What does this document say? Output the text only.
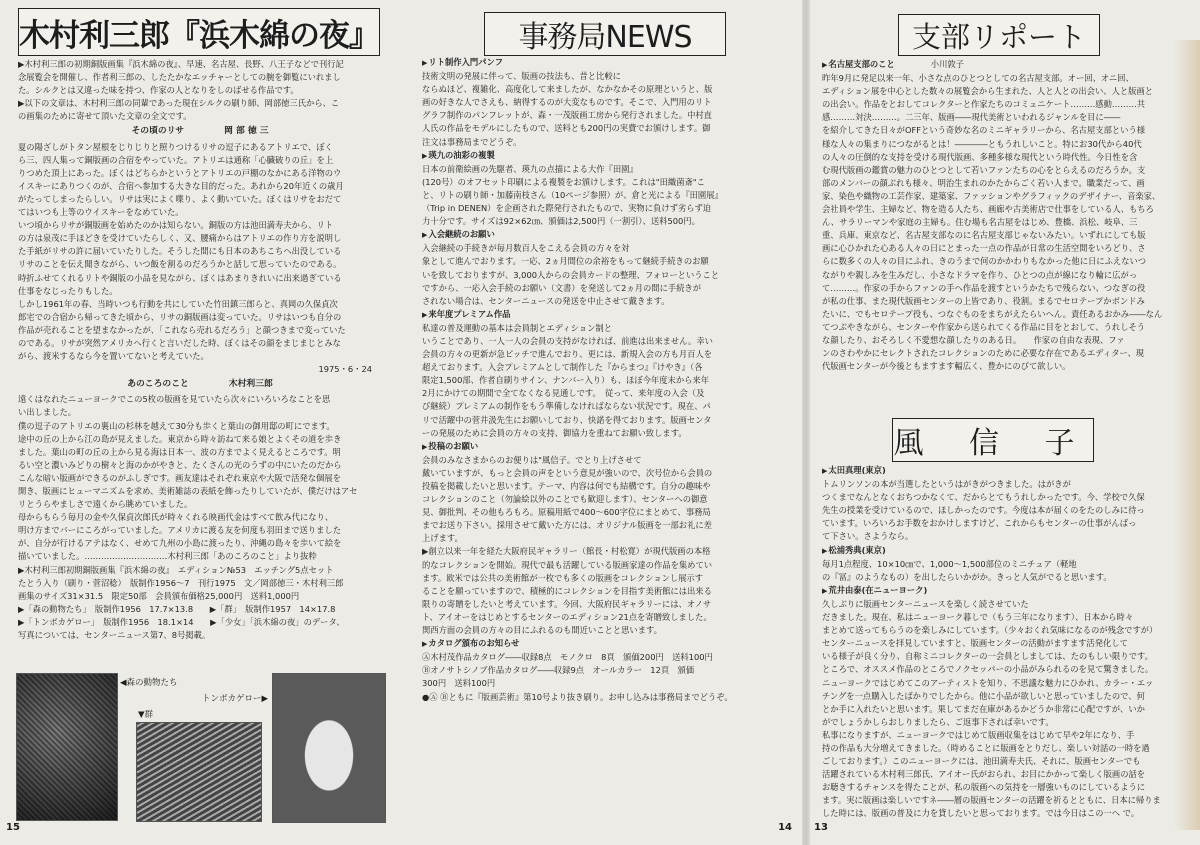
木村利三郎『浜木綿の夜』
▶木村利三郎の初期銅版画集『浜木綿の夜』、早速、名古屋、長野、八王子などで刊行記
念展覧会を開催し、作者利三郎の、したたかなエッチャーとしての腕を御覧にいれまし
た。シルクとは又違った味を持つ、作家の人となりをしのばせる作品です。
▶以下の文章は、木村利三郎の同輩であった現在シルクの刷り師、岡部徳三氏から、こ
の画集のために寄せて頂いた文章の全文です。
その頃のリサ	岡 部 徳 三
夏の陽ざしがトタン屋根をじりじりと照りつけるリサの逗子にあるアトリエで、ぼく
ら三、四人集って銅版画の合宿をやっていた。アトリエは通称「心臓破りの丘」を上
りつめた頂上にあった。ぼくはどちらかというとアトリエの戸棚のなかにある洋物のウ
イスキーにありつくのが、合宿へ参加する大きな目的だった。あれから20年近くの歳月
がたってしまったらしい。リサは実によく喋り、よく動いていた。ぼくはリサをおだて
てはいつも上等のウイスキーをなめていた。
いつ頃からリサが銅版画を始めたのかは知らない。銅版の方は池田満寿夫から、リト
の方は泉茂に手ほどきを受けていたらしく、又、腰痛からはアトリエの作り方を説明し
た手紙がリサの許に届いていたりした。そうした間にも日本のあちこちへ出没している
リサのことを伝え聞きながら、いつ飯を割るのだろうかと話して思っていたのである。
時折ふせてくれるリトや銅版の小品を見ながら、ぼくはあまりきれいに出来過ぎている
仕事をなじったりもした。
しかし1961年の春、当時いつも行動を共にしていた竹田鎮三郎らと、真岡の久保貞次
郎宅での合宿から帰ってきた頃から、リサの銅版画は変っていた。リサはいつも自分の
作品が売れることを望まなかったが、「これなら売れるだろう」と顔つきまで変っていた
のである。リサが突然アメリカへ行くと言いだした時、ぼくはその顔をまじまじとみな
がら、渡米するなら今を置いてないと考えていた。
1975・6・24
あのころのこと	木村利三郎
遠くはなれたニューヨークでこの5枚の版画を見ていたら次々にいろいろなことを思
い出しました。
僕の逗子のアトリエの裏山の杉林を越えて30分も歩くと葉山の御用邸の町にでます。
途中の丘の上から江の島が見えました。東京から時々訪ねて来る娘とよくその道を歩き
ました。葉山の町の丘の上から見る海は日本一、波の方までよく見えるところです。明
るい空と濃いみどりの樹々と海のかがやきと、たくさんの光のうずの中にいたのだから
こんな暗い版画ができるのがふしぎです。画友達はそれぞれ東京や大阪で活発な個展を
開き、版画にヒューマニズムを求め、美術雑誌の表紙を飾ったりしていたが、僕だけはアセ
リとうらやましさで遠くから眺めていました。
母からもらう毎月の金や久保貞次郎氏が時々くれる映画代金はすべて飲み代になり、
明け方までバーにころがっていました。アメリカに渡る友を何度も羽田まで送りました
が、自分が行けるアテはなく、せめて九州の小島に渡ったり、沖縄の島々を歩いて絵を
描いていました。…………………………木村利三郎「あのころのこと」より抜粋
▶木村利三郎初期銅版画集『浜木綿の夜』　エディション№53　エッチング5点セット
たとう入り（刷り・菅沼稔）　版制作1956～7　刊行1975　文／岡部徳三・木村利三郎
画集のサイズ31×31.5　限定50部　会員頒布価格25,000円　送料1,000円
▶「森の動物たち」　版制作1956　17.7×13.8　　▶「群」　版制作1957　14×17.8
▶「トンボカゲロー」　版制作1956　18.1×14　　▶「少女」「浜木綿の夜」のデータ、
写真については、センターニュース第7、8号掲載。
◀森の動物たち
トンボカゲロー▶
▼群
15
事務局NEWS
▶リト制作入門パンフ
技術文明の発展に伴って、版画の技法も、昔と比較に
ならぬほど、複雑化、高度化して来ましたが、なかなかその原理というと、版
画の好きな人でさえも、納得するのが大変なものです。そこで、入門用のリト
グラフ制作のパンフレットが、森・一茂版画工房から発行されました。中村直
人氏の作品をモデルにしたもので、送料とも200円の実費でお頒けします。御
注文は事務局までどうぞ。
▶瑛九の油彩の複製
日本の前衛絵画の先駆者、瑛九の点描による大作『田園』
(120号）のオフセット印刷による複製をお頒けします。これは"田織菌斎"こ
と、リトの刷り師・加藤南枝さん（10ページ参照）が、倉と光による『田園展』
（Trip in DENEN）を企画された際発行されたもので、実物に負けず劣らず迫
力十分です。サイズは92×62㎝、頒価は2,500円（一割引）、送料500円。
▶入会継続のお願い
入会継続の手続きが毎月数百人をこえる会員の方々を対
象として進んでおります。一応、2ヵ月間位の余裕をもって継続手続きのお願
いを致しておりますが、3,000人からの会員カードの整理、フォローということ
ですから、一応入会手続のお願い（文書）を発送して2ヵ月の間に手続きが
されない場合は、センターニュースの発送を中止させて戴きます。
▶来年度プレミアム作品
私達の普及運動の基本は会員制とエディション制と
いうことであり、一人一人の会員の支持がなければ、前進は出来ません。幸い
会員の方々の更新が急ピッチで進んでおり、更には、新規入会の方も月百人を
超えております。入会プレミアムとして制作した『からまつ』『けやき』（各
限定1,500部、作者自刷りサイン、ナンバー入り）も、ほぼ今年度末から来年
2月にかけての期間で全てなくなる見通しです。　従って、来年度の入会（及
び継続）プレミアムの制作をもう準備しなければならない状況です。現在、パ
リで活躍中の菅井汲先生にお願いしており、快諾を得ております。版画センタ
ーの発展のために会員の方々の支持、御協力を重ねてお願い致します。
▶投稿のお願い
会員のみなさまからのお便りは"風信子。でとり上げさせて
戴いていますが、もっと会員の声をという意見が強いので、次号位から会員の
投稿を掲載したいと思います。テーマ、内容は何でも結構です。自分の趣味や
コレクションのこと（勿論絵以外のことでも歓迎します）、センターへの御意
見、御批判、その他もろもろ。原稿用紙で400～600字位にまとめて、事務局
までお送り下さい。採用させて戴いた方には、オリジナル版画を一部お礼に差
上げます。
▶創立以来一年を経た大阪府民ギャラリー（館長・村松寛）が現代版画の本格
的なコレクションを開始。現代で最も活躍している版画家達の作品を集めてい
ます。欧米では公共の美術館が一枚でも多くの版画をコレクションし展示す
ることを願っていますので、積極的にコレクションを目指す美術館には出来る
限りの寄贈をしたいと考えています。今回、大阪府民ギャラリーには、オノサ
ト、アイオーをはじめとするセンターのエディション21点を寄贈致しました。
関西方面の会員の方々の目にふれるのも間近いことと思います。
▶カタログ頒布のお知らせ
Ⓐ木村茂作品カタログ――収録8点　モノクロ　8頁　頒価200円　送料100円
Ⓑオノサトシノブ作品カタログ――収録9点　オールカラー　12頁　頒価
300円　送料100円
●Ⓐ Ⓑともに『版画芸術』第10号より抜き刷り。お申し込みは事務局までどうぞ。
14
支部リポート
▶名古屋支部のこと	小川敦子
昨年9月に発足以来一年、小さな点のひとつとしての名古屋支部。オー回、オニ回、
エディション展を中心とした数々の展覧会から生まれた、人と人との出会い、人と版画と
の出会い。作品をとおしてコレクターと作家たちのコミュニケート………感動………共
感………対決………。二三年、版画――現代美術といわれるジャンルを目に――
を紹介してきた日々がOFFという奇妙な名のミニギャラリーから、名古屋支部という様
様な人々の集まりにつながるとは！――――ともうれしいこと。特にお30代から40代
の人々の圧倒的な支持を受ける現代版画、多種多様な現代という時代性。今日性を含
む現代版画の鑑賞の魅力のひとつとして若いファンたちの心をとらえるのだろうか。支
部のメンバーの顔ぶれも様々、明治生まれのかたからごく若い人まで。職業だって、画
家、染色や織物の工芸作家、建築家、ファッションやグラフィックのデザイナー、音楽家、
会社員や学生、主婦など、物を造る人たち、画廊や古美術店で仕事をしている人、もちろ
ん、サラリーマンや家庭の主婦も。住む場も名古屋をはじめ、豊橋、浜松、岐阜、三
重、兵庫、東京など、名古屋支部なのに名古屋支部じゃないみたい。いずれにしても版
画に心ひかれた心ある人々の日にとまった一点の作品が日常の生活空間をいろどり、さ
らに数多くの人々の目にふれ、きのうまで何のかかわりもなかった他に日にふえないつ
ながりや親しみを生みだし、小さなドラマを作り、ひとつの点が線になり輪に広がっ
て………。作家の手からファンの手へ作品を渡すというかたちで残らない、つなぎの役
が私の仕事、また現代版画センターの上皆であり、役割。まるでセロテープかボンドみ
たいに、でもセロテープ役も、つなぐものをまちがえたらいへん。責任あるおかみ――なん
てつぶやきながら、センターや作家から送られてくる作品に目をとおして、うれしそう
な顔したり、おそろしく不愛想な顔したりのある日。　　作家の自由な表現、ファ
ンのさわやかにセレクトされたコレクションのために必要な存在であるエディター、現
代版画センターが今後ともますます輻広く、豊かにのびて欲しい。
風 信 子
▶太田真理(東京)
トムリンソンの本が当選したというはがきがつきました。はがきが
つくまでなんとなくおちつかなくて、だからとてもうれしかったです。今、学校で久保
先生の授業を受けているので、ほしかったのです。今度は本が届くのをたのしみに待っ
ています。いろいろお手数をおかけしますけど、これからもセンターの仕事がんばっ
て下さい。さようなら。
▶松浦秀典(東京)
毎月1点程度、10×10㎝で、1,000～1,500部位のミニチュア（軽地
の『冨』のようなもの）を出したらいかがか。きっと人気がでると思います。
▶荒井由泰(在ニューヨーク)
久しぶりに版画センターニュースを楽しく読させていた
だきました。現在、私はニューヨーク暮しで（もう三年になります）、日本から時々
まとめて送ってもらうのを楽しみにしています。（少々おくれ気味になるのが残念ですが）
センターニュースを拝見していますと、版画センターの活動がますます活発化して
いる様子が良く分り、自称ミニコレクターの一会員としましては、たのもしい限りです。
ところで、オススメ作品のところでノクセッパーの小品がみられるのを見て驚きました。
ニューヨークではじめてこのアーティストを知り、不思議な魅力にひかれ、カラー・エッ
チングを一点購入したばかりでしたから。他に小品が欲しいと思っていましたので、何
とか手に入れたいと思います。果してまだ在庫があるかどうか非常に心配ですが、いか
がでしょうかしらおしりましたら、ご返事下されば幸いです。
私事になりますが、ニューヨークではじめて版画収集をはじめて早や2年になり、手
持の作品も大分増えてきました。（時めることに版画をとりだし、楽しい対話の一時を過
ごしております。）このニューヨークには、池田満寿夫氏、それに、版画センターでも
活躍されている木村利三郎氏、アイオー氏がおられ、お目にかかって楽しく版画の話を
お聴きするチャンスを得たことが、私の版画への気持を一層強いものにしているように
ます。実に版画は楽しいですネ――層の版画センターの活躍を祈るとともに、日本に帰りま
した時には、版画の普及に力を貸したいと思っております。では今日はこの一へ で。
13
